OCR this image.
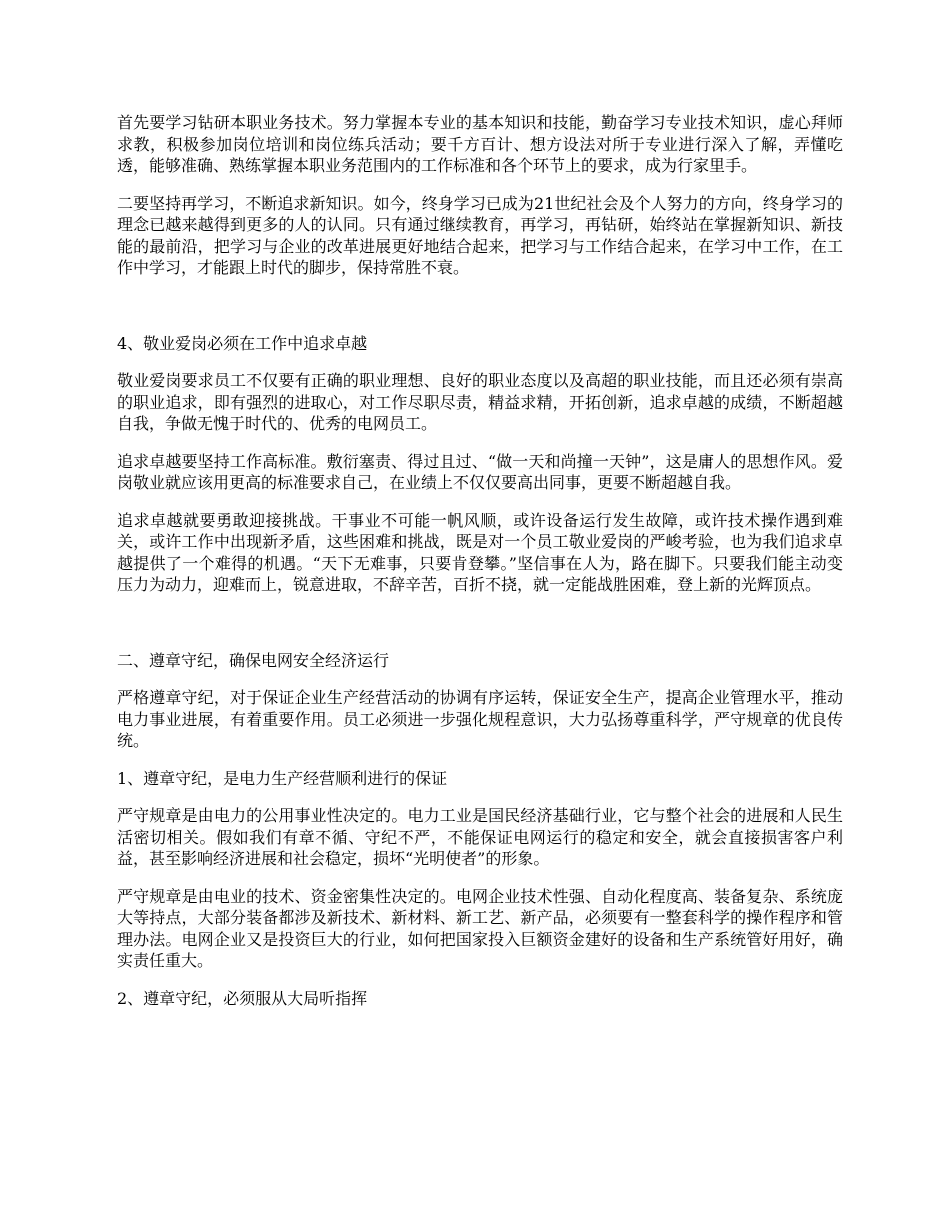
首先要学习钻研本职业务技术。努力掌握本专业的基本知识和技能，勤奋学习专业技术知识，虚心拜师求教，积极参加岗位培训和岗位练兵活动；要千方百计、想方设法对所于专业进行深入了解，弄懂吃透，能够准确、熟练掌握本职业务范围内的工作标准和各个环节上的要求，成为行家里手。

二要坚持再学习，不断追求新知识。如今，终身学习已成为21世纪社会及个人努力的方向，终身学习的理念已越来越得到更多的人的认同。只有通过继续教育，再学习，再钻研，始终站在掌握新知识、新技能的最前沿，把学习与企业的改革进展更好地结合起来，把学习与工作结合起来，在学习中工作，在工作中学习，才能跟上时代的脚步，保持常胜不衰。

4、敬业爱岗必须在工作中追求卓越

敬业爱岗要求员工不仅要有正确的职业理想、良好的职业态度以及高超的职业技能，而且还必须有崇高的职业追求，即有强烈的进取心，对工作尽职尽责，精益求精，开拓创新，追求卓越的成绩，不断超越自我，争做无愧于时代的、优秀的电网员工。

追求卓越要坚持工作高标准。敷衍塞责、得过且过、“做一天和尚撞一天钟”，这是庸人的思想作风。爱岗敬业就应该用更高的标准要求自己，在业绩上不仅仅要高出同事，更要不断超越自我。

追求卓越就要勇敢迎接挑战。干事业不可能一帆风顺，或许设备运行发生故障，或许技术操作遇到难关，或许工作中出现新矛盾，这些困难和挑战，既是对一个员工敬业爱岗的严峻考验，也为我们追求卓越提供了一个难得的机遇。“天下无难事，只要肯登攀。”坚信事在人为，路在脚下。只要我们能主动变压力为动力，迎难而上，锐意进取，不辞辛苦，百折不挠，就一定能战胜困难，登上新的光辉顶点。

二、遵章守纪，确保电网安全经济运行

严格遵章守纪，对于保证企业生产经营活动的协调有序运转，保证安全生产，提高企业管理水平，推动电力事业进展，有着重要作用。员工必须进一步强化规程意识，大力弘扬尊重科学，严守规章的优良传统。

1、遵章守纪，是电力生产经营顺利进行的保证

严守规章是由电力的公用事业性决定的。电力工业是国民经济基础行业，它与整个社会的进展和人民生活密切相关。假如我们有章不循、守纪不严，不能保证电网运行的稳定和安全，就会直接损害客户利益，甚至影响经济进展和社会稳定，损坏“光明使者”的形象。

严守规章是由电业的技术、资金密集性决定的。电网企业技术性强、自动化程度高、装备复杂、系统庞大等持点，大部分装备都涉及新技术、新材料、新工艺、新产品，必须要有一整套科学的操作程序和管理办法。电网企业又是投资巨大的行业，如何把国家投入巨额资金建好的设备和生产系统管好用好，确实责任重大。

2、遵章守纪，必须服从大局听指挥
